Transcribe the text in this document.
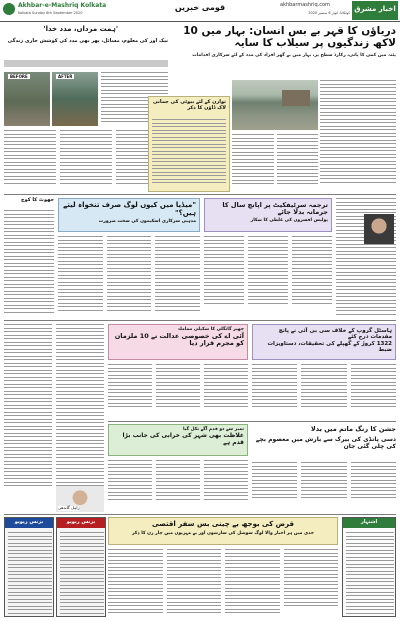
Akhbar-e-Mashriq Kolkata
Kolkata Sunday 6th September 2020
قومی خبریں	akhbarmashriq.com
کولکاتا، اتوار 6 ستمبر 2020 اخبار مشرق
دریاؤں کا قہر بے بس انسان: بہار میں 10 لاکھ زندگیوں پر سیلاب کا سایہ
پٹنہ میں کمی کا پانی، رکارڈ سطح پر، بہار میں بے گھر افراد کی مدد کے لئے سرکاری اقدامات
'ہمت مرداں، مدد خدا'
نیک اور کی معلوم، مسائل، پھر بھی مدد کی کوشش جاری زندگی
BEFORE	AFTER
توازن کے لئے بیوٹی کی جمانی لاک ڈاؤن کا ذکر
جھوٹ کا کوچ
"میڈیا میں کیوں لوگ صرف تنخواہ لیتے ہیں؟"
مذہبی سرکاری اسکیموں کی سخت ضرورت
ترجمہ سرٹیفکیٹ پر اپانچ سال کا جرمانہ بدلا جائے
پولیس افسروں کی غلطی کا شکار
جھیر گانگلی کا شکیلی مماملہ
آئی اے کی خصوصی عدالت نے 10 ملزمان کو مجرم قرار دیا
ہاسٹل گروپ کے خلاف سی بی آئی نے پانچ مقدمات درج کئے
1322 کروڑ کے گھپلے کی تحقیقات، دستاویزات ضبط
نمبر سے دو قدم آگے نکل گیا
غلاظت بھی شہر کی خرابی کی جانب بڑا قدم ہے
جشن کا رنگ ماتم میں بدلا
دسی پانڈی کی بیرک سے بارش میں معصوم بچے کی چلی گئی جان
راہل گاندھی
بزنس ریویو	بزنس ریویو	قرض کی بوجھ بے چینی بس سفر اقتصی
حدی میں ہر اخبار والا لوگ سوشل کی سازشوں اور بے مہریوں میں چار زن کا ذکر
اشتہار
